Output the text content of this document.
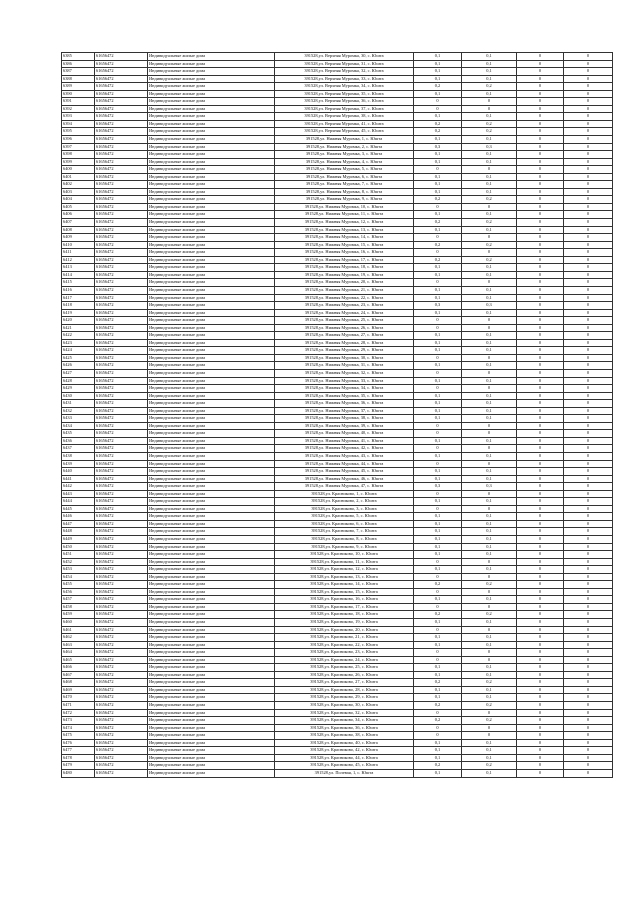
6385	61656472	Индивидуальные жилые дома	391528,ул. Верхняя Муромка, 30, с. Юшта	0,1	0,1	0	0
6386	61656472	Индивидуальные жилые дома	391528,ул. Верхняя Муромка, 31, с. Юшта	0,1	0,1	0	0
6387	61656472	Индивидуальные жилые дома	391528,ул. Верхняя Муромка, 32, с. Юшта	0,1	0,1	0	0
6388	61656472	Индивидуальные жилые дома	391528,ул. Верхняя Муромка, 33, с. Юшта	0,1	0,1	0	0
6389	61656472	Индивидуальные жилые дома	391528,ул. Верхняя Муромка, 34, с. Юшта	0,2	0,2	0	0
6390	61656472	Индивидуальные жилые дома	391528,ул. Верхняя Муромка, 35, с. Юшта	0,1	0,1	0	0
6391	61656472	Индивидуальные жилые дома	391528,ул. Верхняя Муромка, 36, с. Юшта	0	0	0	0
6392	61656472	Индивидуальные жилые дома	391528,ул. Верхняя Муромка, 37, с. Юшта	0	0	0	0
6393	61656472	Индивидуальные жилые дома	391528,ул. Верхняя Муромка, 38, с. Юшта	0,1	0,1	0	0
6394	61656472	Индивидуальные жилые дома	391528,ул. Верхняя Муромка, 41, с. Юшта	0,2	0,2	0	0
6395	61656472	Индивидуальные жилые дома	391528,ул. Верхняя Муромка, 45, с. Юшта	0,2	0,2	0	0
6396	61656472	Индивидуальные жилые дома	391528,ул. Нижняя Муромка, 1, с. Юшта	0,1	0,1	0	0
6397	61656472	Индивидуальные жилые дома	391528,ул. Нижняя Муромка, 2, с. Юшта	0,3	0,3	0	0
6398	61656472	Индивидуальные жилые дома	391528,ул. Нижняя Муромка, 3, с. Юшта	0,1	0,1	0	0
6399	61656472	Индивидуальные жилые дома	391528,ул. Нижняя Муромка, 4, с. Юшта	0,1	0,1	0	0
6400	61656472	Индивидуальные жилые дома	391528,ул. Нижняя Муромка, 5, с. Юшта	0	0	0	0
6401	61656472	Индивидуальные жилые дома	391528,ул. Нижняя Муромка, 6, с. Юшта	0,1	0,1	0	0
6402	61656472	Индивидуальные жилые дома	391528,ул. Нижняя Муромка, 7, с. Юшта	0,1	0,1	0	0
6403	61656472	Индивидуальные жилые дома	391528,ул. Нижняя Муромка, 8, с. Юшта	0,1	0,1	0	0
6404	61656472	Индивидуальные жилые дома	391528,ул. Нижняя Муромка, 9, с. Юшта	0,2	0,2	0	0
6405	61656472	Индивидуальные жилые дома	391528,ул. Нижняя Муромка, 10, с. Юшта	0	0	0	0
6406	61656472	Индивидуальные жилые дома	391528,ул. Нижняя Муромка, 11, с. Юшта	0,1	0,1	0	0
6407	61656472	Индивидуальные жилые дома	391528,ул. Нижняя Муромка, 12, с. Юшта	0,2	0,2	0	0
6408	61656472	Индивидуальные жилые дома	391528,ул. Нижняя Муромка, 13, с. Юшта	0,1	0,1	0	0
6409	61656472	Индивидуальные жилые дома	391528,ул. Нижняя Муромка, 14, с. Юшта	0	0	0	0
6410	61656472	Индивидуальные жилые дома	391528,ул. Нижняя Муромка, 15, с. Юшта	0,2	0,2	0	0
6411	61656472	Индивидуальные жилые дома	391528,ул. Нижняя Муромка, 16, с. Юшта	0	0	0	0
6412	61656472	Индивидуальные жилые дома	391528,ул. Нижняя Муромка, 17, с. Юшта	0,2	0,2	0	0
6413	61656472	Индивидуальные жилые дома	391528,ул. Нижняя Муромка, 18, с. Юшта	0,1	0,1	0	0
6414	61656472	Индивидуальные жилые дома	391528,ул. Нижняя Муромка, 19, с. Юшта	0,1	0,1	0	0
6415	61656472	Индивидуальные жилые дома	391528,ул. Нижняя Муромка, 20, с. Юшта	0	0	0	0
6416	61656472	Индивидуальные жилые дома	391528,ул. Нижняя Муромка, 21, с. Юшта	0,1	0,1	0	0
6417	61656472	Индивидуальные жилые дома	391528,ул. Нижняя Муромка, 22, с. Юшта	0,1	0,1	0	0
6418	61656472	Индивидуальные жилые дома	391528,ул. Нижняя Муромка, 23, с. Юшта	0,3	0,3	0	0
6419	61656472	Индивидуальные жилые дома	391528,ул. Нижняя Муромка, 24, с. Юшта	0,1	0,1	0	0
6420	61656472	Индивидуальные жилые дома	391528,ул. Нижняя Муромка, 25, с. Юшта	0	0	0	0
6421	61656472	Индивидуальные жилые дома	391528,ул. Нижняя Муромка, 26, с. Юшта	0	0	0	0
6422	61656472	Индивидуальные жилые дома	391528,ул. Нижняя Муромка, 27, с. Юшта	0,1	0,1	0	0
6423	61656472	Индивидуальные жилые дома	391528,ул. Нижняя Муромка, 28, с. Юшта	0,1	0,1	0	0
6424	61656472	Индивидуальные жилые дома	391528,ул. Нижняя Муромка, 29, с. Юшта	0,1	0,1	0	0
6425	61656472	Индивидуальные жилые дома	391528,ул. Нижняя Муромка, 30, с. Юшта	0	0	0	0
6426	61656472	Индивидуальные жилые дома	391528,ул. Нижняя Муромка, 31, с. Юшта	0,1	0,1	0	0
6427	61656472	Индивидуальные жилые дома	391528,ул. Нижняя Муромка, 32, с. Юшта	0	0	0	0
6428	61656472	Индивидуальные жилые дома	391528,ул. Нижняя Муромка, 33, с. Юшта	0,1	0,1	0	0
6429	61656472	Индивидуальные жилые дома	391528,ул. Нижняя Муромка, 34, с. Юшта	0	0	0	0
6430	61656472	Индивидуальные жилые дома	391528,ул. Нижняя Муромка, 35, с. Юшта	0,1	0,1	0	0
6431	61656472	Индивидуальные жилые дома	391528,ул. Нижняя Муромка, 36, с. Юшта	0,1	0,1	0	0
6432	61656472	Индивидуальные жилые дома	391528,ул. Нижняя Муромка, 37, с. Юшта	0,1	0,1	0	0
6433	61656472	Индивидуальные жилые дома	391528,ул. Нижняя Муромка, 38, с. Юшта	0,1	0,1	0	0
6434	61656472	Индивидуальные жилые дома	391528,ул. Нижняя Муромка, 39, с. Юшта	0	0	0	0
6435	61656472	Индивидуальные жилые дома	391528,ул. Нижняя Муромка, 40, с. Юшта	0	0	0	0
6436	61656472	Индивидуальные жилые дома	391528,ул. Нижняя Муромка, 41, с. Юшта	0,1	0,1	0	0
6437	61656472	Индивидуальные жилые дома	391528,ул. Нижняя Муромка, 42, с. Юшта	0	0	0	0
6438	61656472	Индивидуальные жилые дома	391528,ул. Нижняя Муромка, 43, с. Юшта	0,1	0,1	0	0
6439	61656472	Индивидуальные жилые дома	391528,ул. Нижняя Муромка, 44, с. Юшта	0	0	0	0
6440	61656472	Индивидуальные жилые дома	391528,ул. Нижняя Муромка, 45, с. Юшта	0,1	0,1	0	0
6441	61656472	Индивидуальные жилые дома	391528,ул. Нижняя Муромка, 46, с. Юшта	0,1	0,1	0	0
6442	61656472	Индивидуальные жилые дома	391528,ул. Нижняя Муромка, 47, с. Юшта	0,3	0,3	0	0
6443	61656472	Индивидуальные жилые дома	391528,ул. Красниково, 1, с. Юшта	0	0	0	0
6444	61656472	Индивидуальные жилые дома	391528,ул. Красниково, 2, с. Юшта	0,1	0,1	0	0
6445	61656472	Индивидуальные жилые дома	391528,ул. Красниково, 3, с. Юшта	0	0	0	0
6446	61656472	Индивидуальные жилые дома	391528,ул. Красниково, 5, с. Юшта	0,1	0,1	0	0
6447	61656472	Индивидуальные жилые дома	391528,ул. Красниково, 6, с. Юшта	0,1	0,1	0	0
6448	61656472	Индивидуальные жилые дома	391528,ул. Красниково, 7, с. Юшта	0,1	0,1	0	0
6449	61656472	Индивидуальные жилые дома	391528,ул. Красниково, 8, с. Юшта	0,1	0,1	0	0
6450	61656472	Индивидуальные жилые дома	391528,ул. Красниково, 9, с. Юшта	0,1	0,1	0	0
6451	61656472	Индивидуальные жилые дома	391528,ул. Красниково, 10, с. Юшта	0,1	0,1	0	0
6452	61656472	Индивидуальные жилые дома	391528,ул. Красниково, 11, с. Юшта	0	0	0	0
6453	61656472	Индивидуальные жилые дома	391528,ул. Красниково, 12, с. Юшта	0,1	0,1	0	0
6454	61656472	Индивидуальные жилые дома	391528,ул. Красниково, 13, с. Юшта	0	0	0	0
6455	61656472	Индивидуальные жилые дома	391528,ул. Красниково, 14, с. Юшта	0,2	0,2	0	0
6456	61656472	Индивидуальные жилые дома	391528,ул. Красниково, 15, с. Юшта	0	0	0	0
6457	61656472	Индивидуальные жилые дома	391528,ул. Красниково, 16, с. Юшта	0,1	0,1	0	0
6458	61656472	Индивидуальные жилые дома	391528,ул. Красниково, 17, с. Юшта	0	0	0	0
6459	61656472	Индивидуальные жилые дома	391528,ул. Красниково, 18, с. Юшта	0,2	0,2	0	0
6460	61656472	Индивидуальные жилые дома	391528,ул. Красниково, 19, с. Юшта	0,1	0,1	0	0
6461	61656472	Индивидуальные жилые дома	391528,ул. Красниково, 20, с. Юшта	0	0	0	0
6462	61656472	Индивидуальные жилые дома	391528,ул. Красниково, 21, с. Юшта	0,1	0,1	0	0
6463	61656472	Индивидуальные жилые дома	391528,ул. Красниково, 22, с. Юшта	0,1	0,1	0	0
6464	61656472	Индивидуальные жилые дома	391528,ул. Красниково, 23, с. Юшта	0	0	0	0
6465	61656472	Индивидуальные жилые дома	391528,ул. Красниково, 24, с. Юшта	0	0	0	0
6466	61656472	Индивидуальные жилые дома	391528,ул. Красниково, 25, с. Юшта	0,1	0,1	0	0
6467	61656472	Индивидуальные жилые дома	391528,ул. Красниково, 26, с. Юшта	0,1	0,1	0	0
6468	61656472	Индивидуальные жилые дома	391528,ул. Красниково, 27, с. Юшта	0,2	0,2	0	0
6469	61656472	Индивидуальные жилые дома	391528,ул. Красниково, 28, с. Юшта	0,1	0,1	0	0
6470	61656472	Индивидуальные жилые дома	391528,ул. Красниково, 29, с. Юшта	0,1	0,1	0	0
6471	61656472	Индивидуальные жилые дома	391528,ул. Красниково, 30, с. Юшта	0,2	0,2	0	0
6472	61656472	Индивидуальные жилые дома	391528,ул. Красниково, 32, с. Юшта	0	0	0	0
6473	61656472	Индивидуальные жилые дома	391528,ул. Красниково, 34, с. Юшта	0,2	0,2	0	0
6474	61656472	Индивидуальные жилые дома	391528,ул. Красниково, 36, с. Юшта	0	0	0	0
6475	61656472	Индивидуальные жилые дома	391528,ул. Красниково, 38, с. Юшта	0	0	0	0
6476	61656472	Индивидуальные жилые дома	391528,ул. Красниково, 40, с. Юшта	0,1	0,1	0	0
6477	61656472	Индивидуальные жилые дома	391528,ул. Красниково, 42, с. Юшта	0,1	0,1	0	0
6478	61656472	Индивидуальные жилые дома	391528,ул. Красниково, 44, с. Юшта	0,1	0,1	0	0
6479	61656472	Индивидуальные жилые дома	391528,ул. Красниково, 45, с. Юшта	0,2	0,2	0	0
6480	61656472	Индивидуальные жилые дома	391528,ул. Полевая, 1, с. Юшта	0,1	0,1	0	0
